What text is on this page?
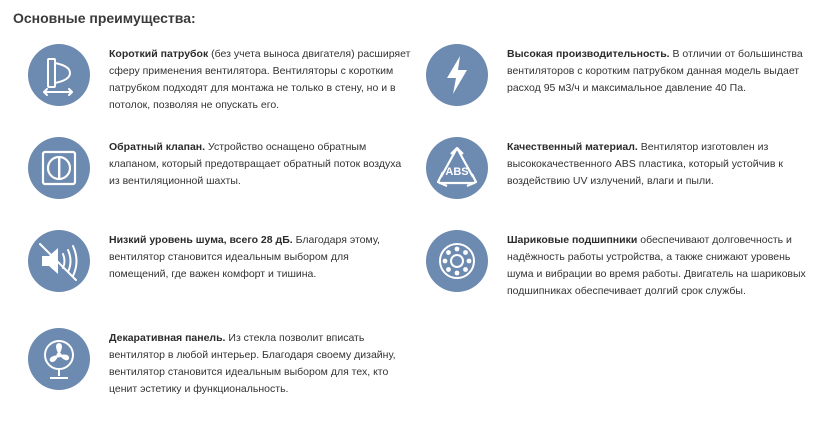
Основные преимущества:
Короткий патрубок (без учета выноса двигателя) расширяет сферу применения вентилятора. Вентиляторы с коротким патрубком подходят для монтажа не только в стену, но и в потолок, позволяя не опускать его.
Высокая производительность. В отличии от большинства вентиляторов с коротким патрубком данная модель выдает расход 95 м3/ч и максимальное давление 40 Па.
Обратный клапан. Устройство оснащено обратным клапаном, который предотвращает обратный поток воздуха из вентиляционной шахты.
ABS
Качественный материал. Вентилятор изготовлен из высококачественного ABS пластика, который устойчив к воздействию UV излучений, влаги и пыли.
Низкий уровень шума, всего 28 дБ. Благодаря этому, вентилятор становится идеальным выбором для помещений, где важен комфорт и тишина.
Шариковые подшипники обеспечивают долговечность и надёжность работы устройства, а также снижают уровень шума и вибрации во время работы. Двигатель на шариковых подшипниках обеспечивает долгий срок службы.
Декаративная панель. Из стекла позволит вписать вентилятор в любой интерьер. Благодаря своему дизайну, вентилятор становится идеальным выбором для тех, кто ценит эстетику и функциональность.
